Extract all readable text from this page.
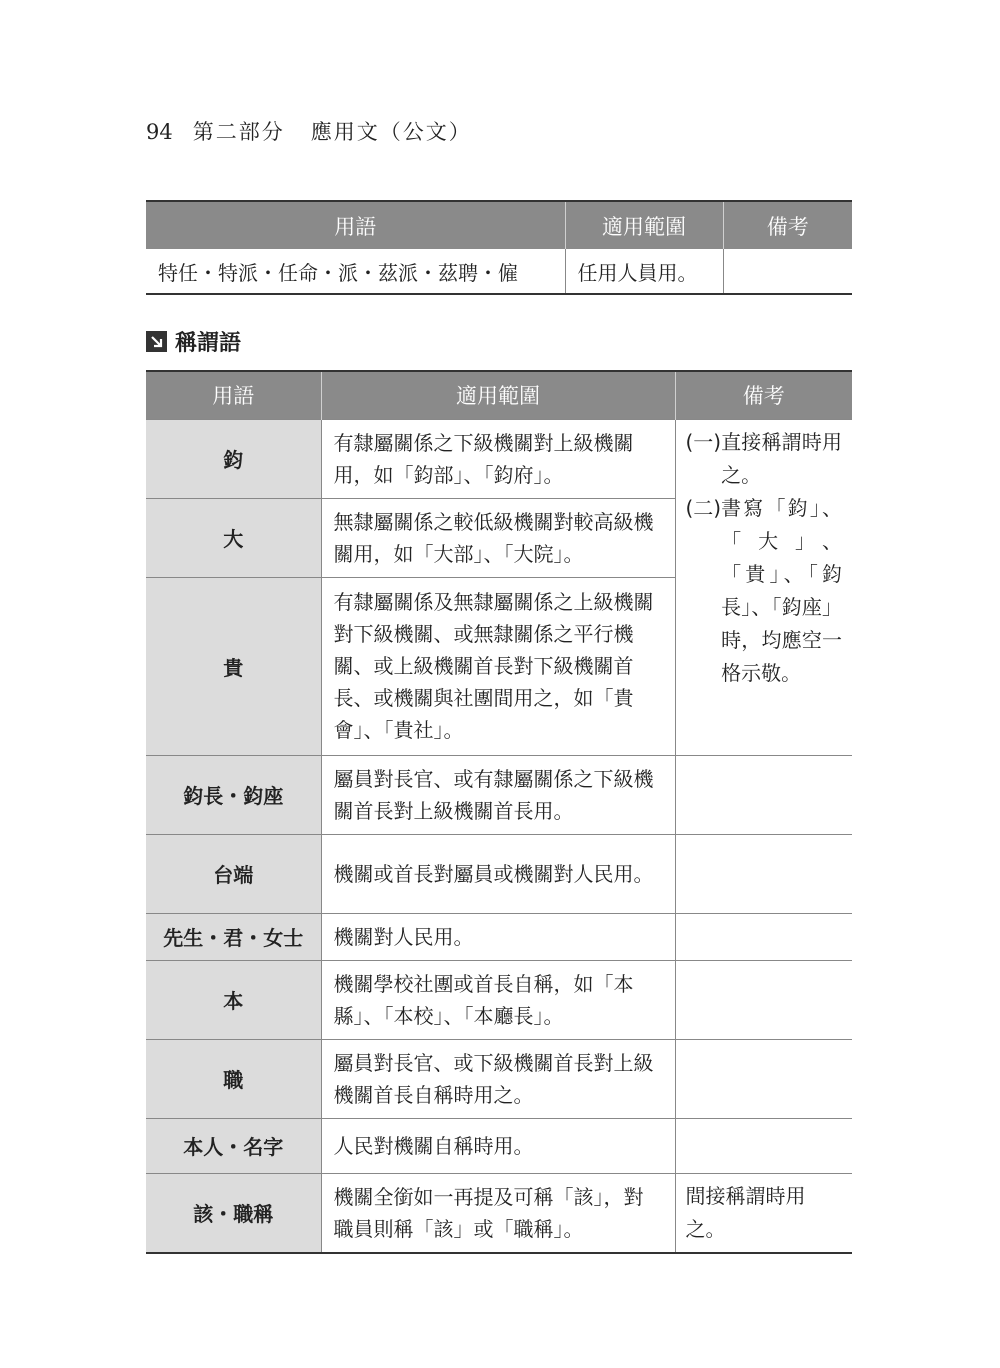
94 第二部分 應用文（公文）
用語	適用範圍	備考
特任・特派・任命・派・茲派・茲聘・僱	任用人員用。	
稱謂語
用語	適用範圍	備考
鈞	有隸屬關係之下級機關對上級機關用，如「鈞部」、「鈞府」。	(一) 直接稱謂時用之。
(二) 書寫「鈞」、「大」、「貴」、「鈞長」、「鈞座」時，均應空一格示敬。

大	無隸屬關係之較低級機關對較高級機關用，如「大部」、「大院」。	
貴	有隸屬關係及無隸屬關係之上級機關對下級機關、或無隸關係之平行機關、或上級機關首長對下級機關首長、或機關與社團間用之，如「貴會」、「貴社」。	
鈞長・鈞座	屬員對長官、或有隸屬關係之下級機關首長對上級機關首長用。	
台端	機關或首長對屬員或機關對人民用。	
先生・君・女士	機關對人民用。	
本	機關學校社團或首長自稱，如「本縣」、「本校」、「本廳長」。	
職	屬員對長官、或下級機關首長對上級機關首長自稱時用之。	
本人・名字	人民對機關自稱時用。	
該・職稱	機關全銜如一再提及可稱「該」，對職員則稱「該」或「職稱」。	間接稱謂時用之。
